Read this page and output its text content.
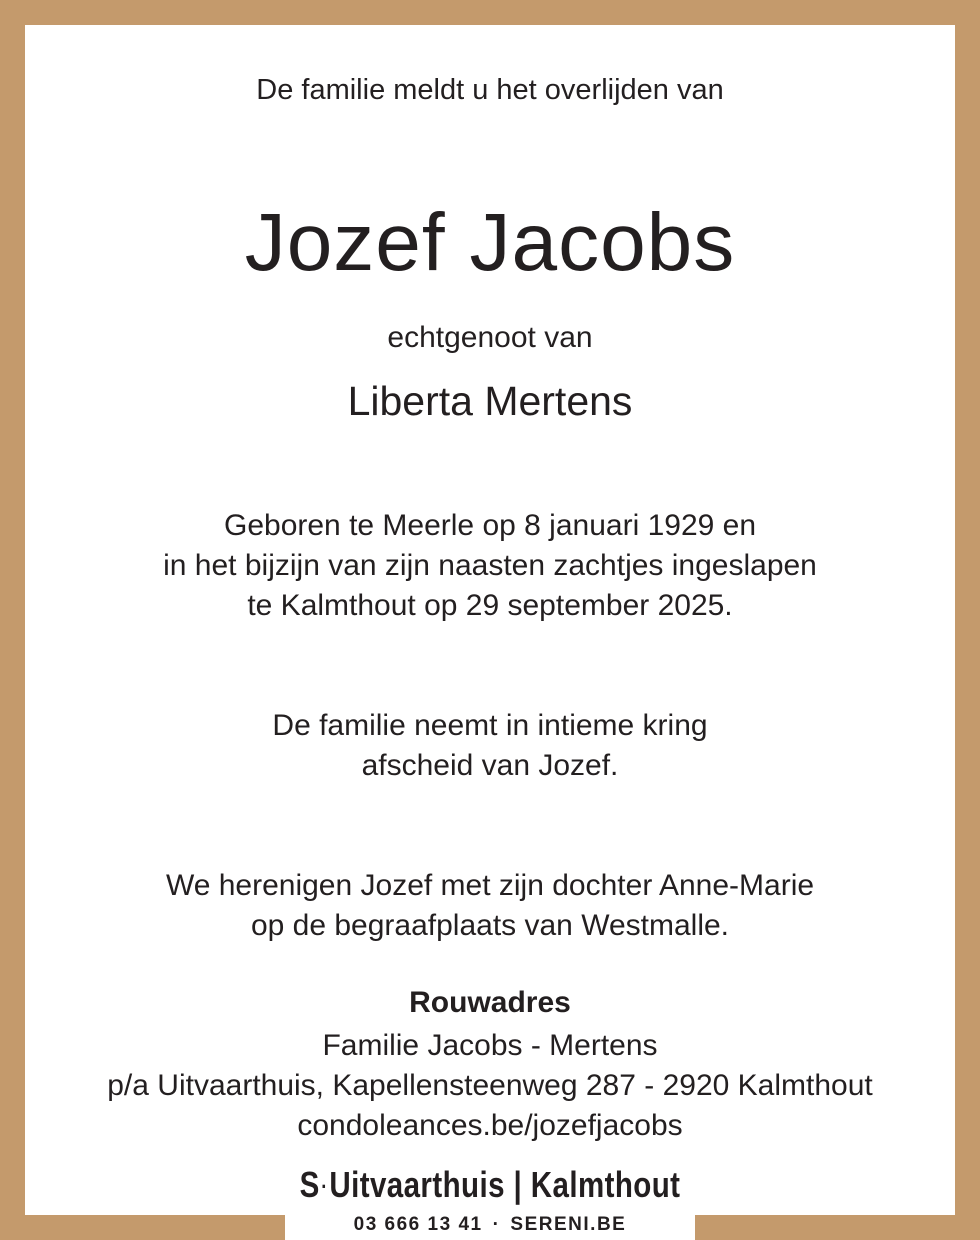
De familie meldt u het overlijden van
Jozef Jacobs
echtgenoot van
Liberta Mertens
Geboren te Meerle op 8 januari 1929 en
in het bijzijn van zijn naasten zachtjes ingeslapen
te Kalmthout op 29 september 2025.
De familie neemt in intieme kring
afscheid van Jozef.
We herenigen Jozef met zijn dochter Anne-Marie
op de begraafplaats van Westmalle.
Rouwadres
Familie Jacobs - Mertens
p/a Uitvaarthuis, Kapellensteenweg 287 - 2920 Kalmthout
condoleances.be/jozefjacobs
S·Uitvaarthuis | Kalmthout
03 666 13 41 · SERENI.BE
